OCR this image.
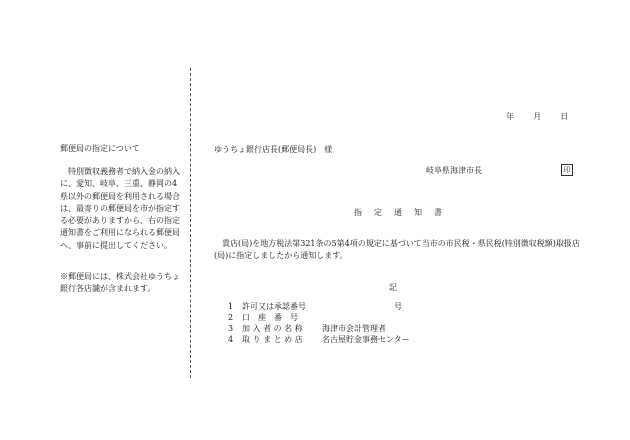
郵便局の指定について
　特別徴収義務者で納入金の納入に、愛知、岐阜、三重、静岡の4県以外の郵便局を利用される場合は、最寄りの郵便局を市が指定する必要がありますから、右の指定通知書をご利用になられる郵便局へ、事前に提出してください。
※郵便局には、株式会社ゆうちょ銀行各店舗が含まれます。
年 月 日
ゆうちょ銀行店長(郵便局長)　様
岐阜県海津市長	印
指　定　通　知　書
　貴店(局)を地方税法第321条の5第4項の規定に基づいて当市の市民税・県民税(特別徴収税額)取扱店(局)に指定しましたから通知します。
記
1 許可又は承認番号　　　　　　　　　号
2 口　座　番　号
3 加 入 者 の 名 称 海津市会計管理者
4 取 り ま と め 店 名古屋貯金事務センター
